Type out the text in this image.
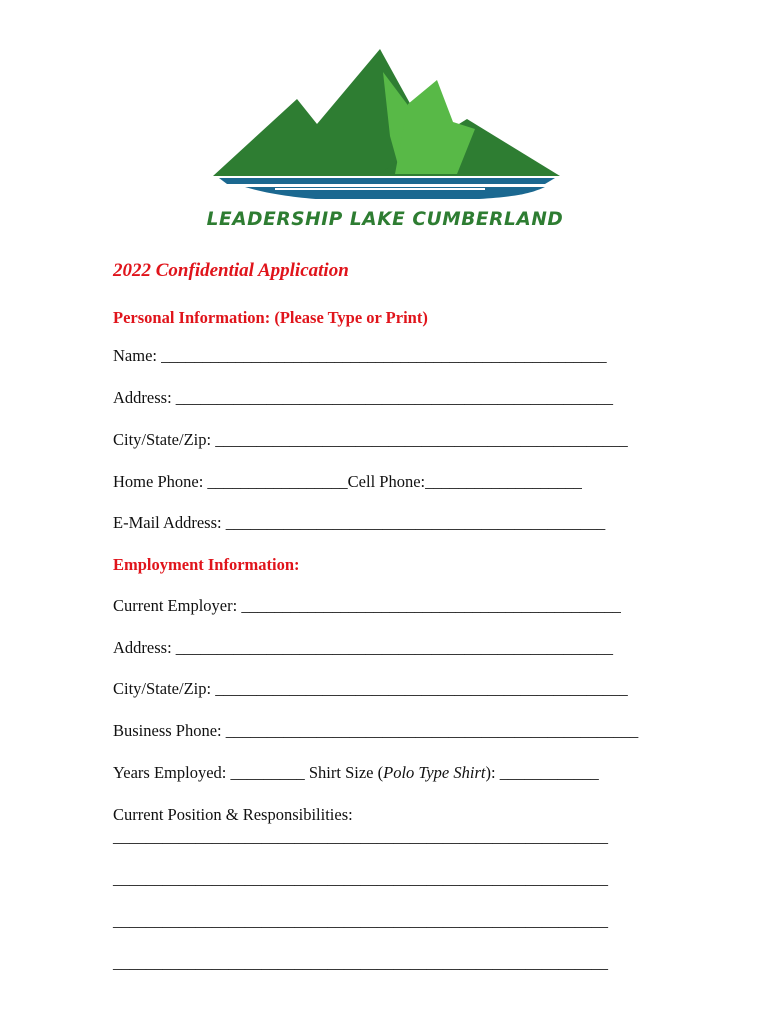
LEADERSHIP LAKE CUMBERLAND
2022 Confidential Application
Personal Information: (Please Type or Print)
Name: ______________________________________________________
Address: _____________________________________________________
City/State/Zip: __________________________________________________
Home Phone: _________________Cell Phone:___________________
E-Mail Address: ______________________________________________
Employment Information:
Current Employer: ______________________________________________
Address: _____________________________________________________
City/State/Zip: __________________________________________________
Business Phone: __________________________________________________
Years Employed: _________ Shirt Size (Polo Type Shirt): ____________
Current Position & Responsibilities:
____________________________________________________________
____________________________________________________________
____________________________________________________________
____________________________________________________________
